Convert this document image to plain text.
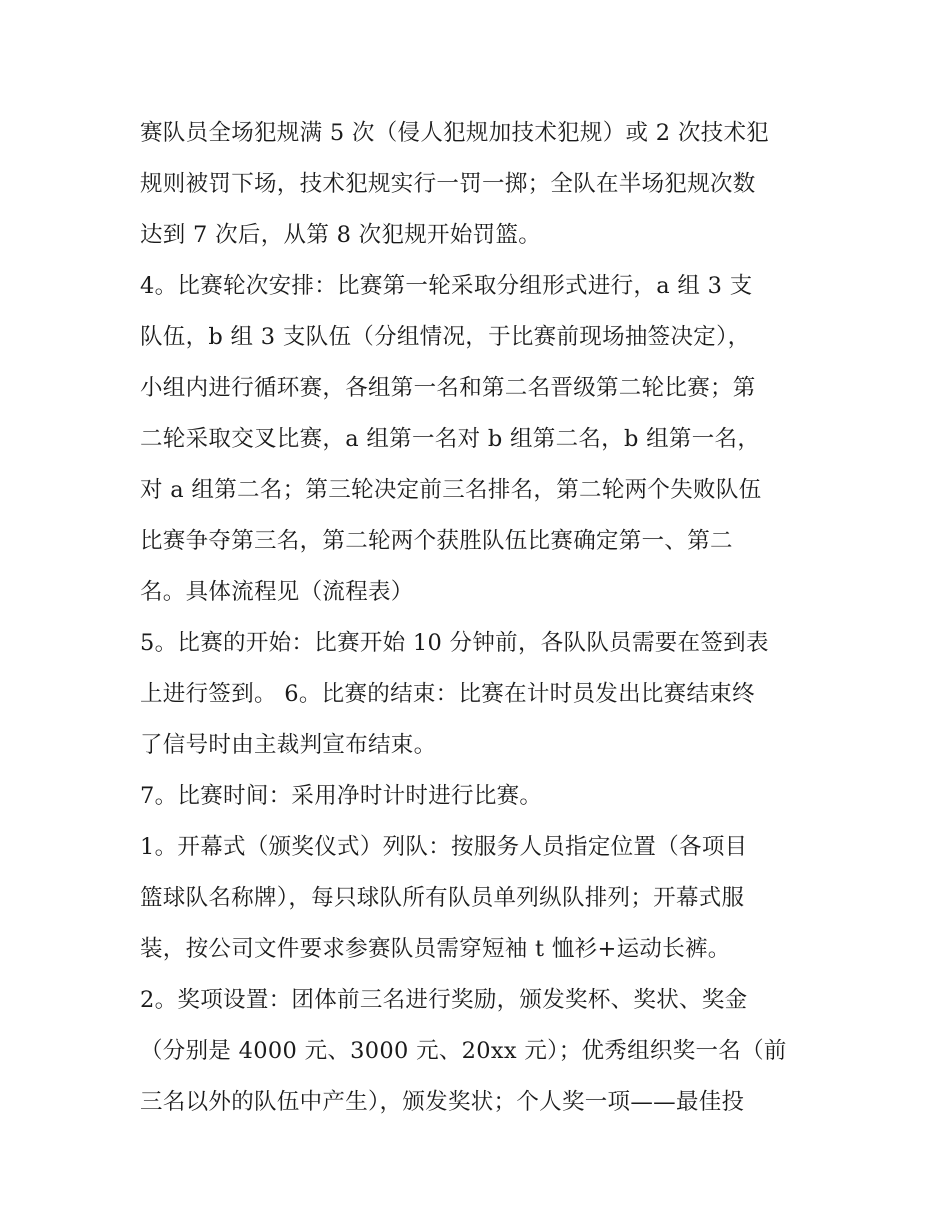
赛队员全场犯规满 5 次（侵人犯规加技术犯规）或 2 次技术犯
规则被罚下场，技术犯规实行一罚一掷；全队在半场犯规次数
达到 7 次后，从第 8 次犯规开始罚篮。
4。比赛轮次安排：比赛第一轮采取分组形式进行，a 组 3 支
队伍，b 组 3 支队伍（分组情况，于比赛前现场抽签决定），
小组内进行循环赛，各组第一名和第二名晋级第二轮比赛；第
二轮采取交叉比赛，a 组第一名对 b 组第二名，b 组第一名，
对 a 组第二名；第三轮决定前三名排名，第二轮两个失败队伍
比赛争夺第三名，第二轮两个获胜队伍比赛确定第一、第二
名。具体流程见（流程表）
5。比赛的开始：比赛开始 10 分钟前，各队队员需要在签到表
上进行签到。 6。比赛的结束：比赛在计时员发出比赛结束终
了信号时由主裁判宣布结束。
7。比赛时间：采用净时计时进行比赛。
1。开幕式（颁奖仪式）列队：按服务人员指定位置（各项目
篮球队名称牌），每只球队所有队员单列纵队排列；开幕式服
装，按公司文件要求参赛队员需穿短袖 t 恤衫+运动长裤。
2。奖项设置：团体前三名进行奖励，颁发奖杯、奖状、奖金
（分别是 4000 元、3000 元、20xx 元）；优秀组织奖一名（前
三名以外的队伍中产生），颁发奖状；个人奖一项——最佳投
